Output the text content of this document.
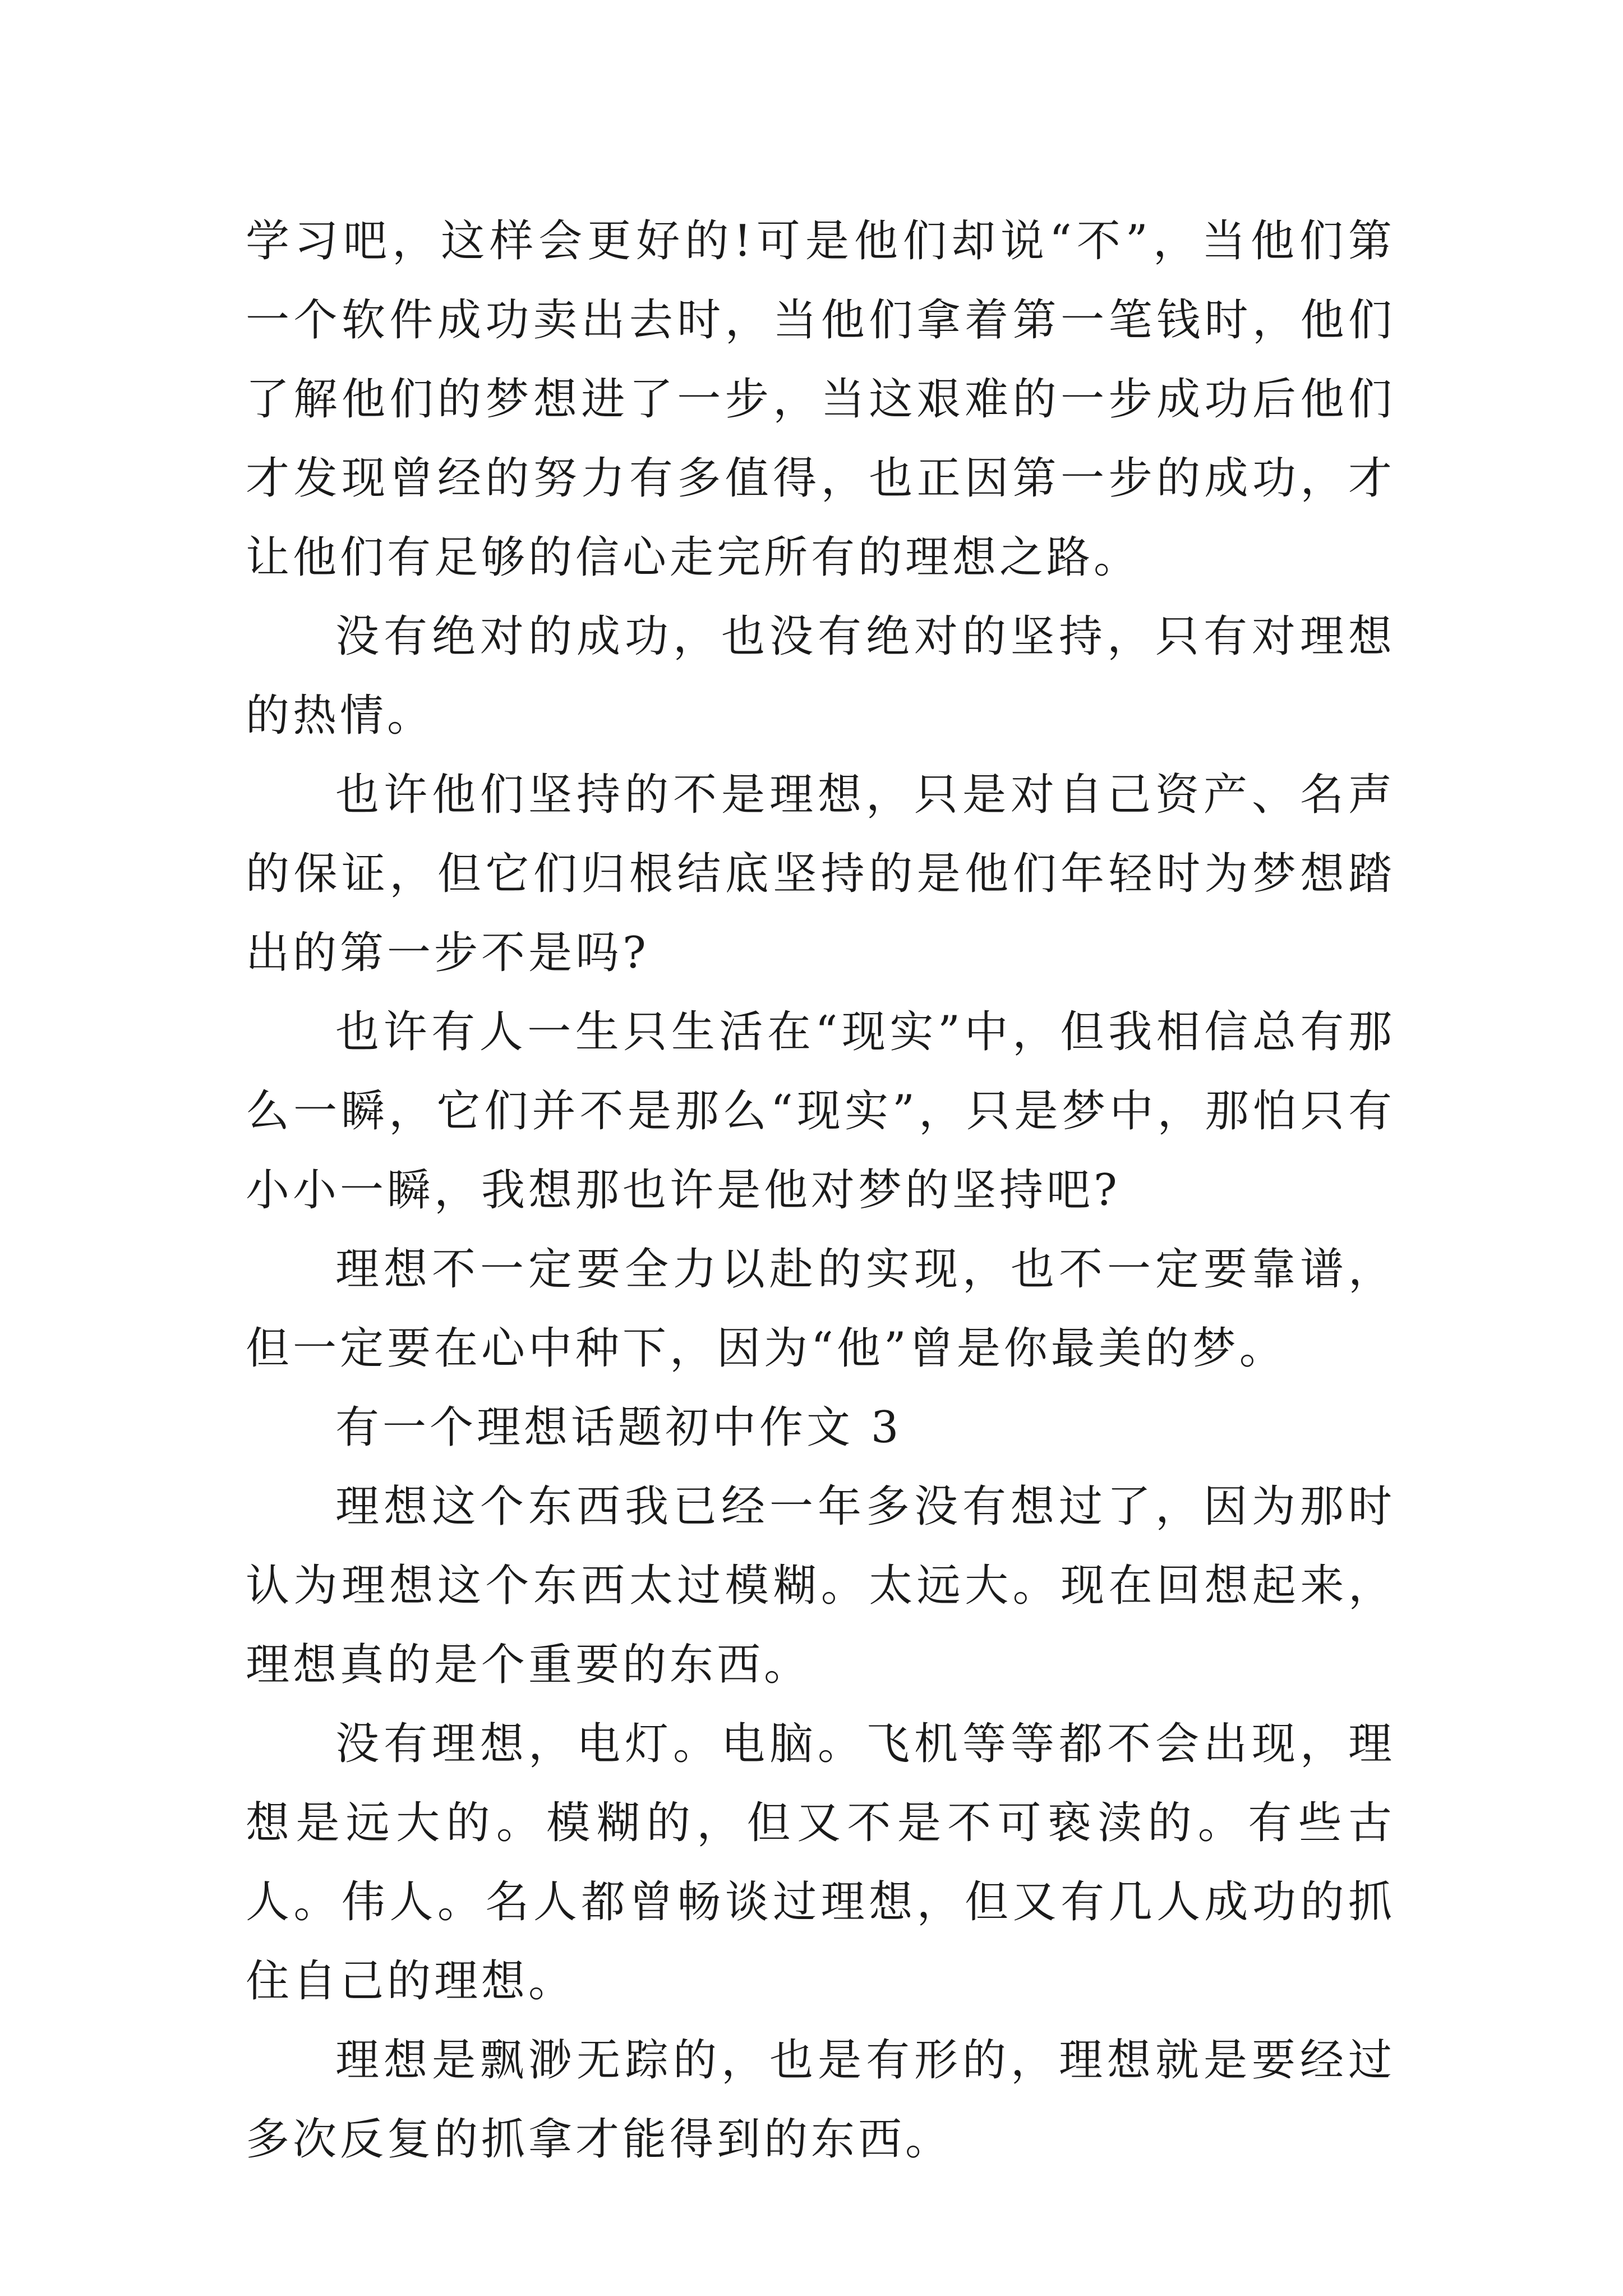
学习吧，这样会更好的!可是他们却说“不”，当他们第一个软件成功卖出去时，当他们拿着第一笔钱时，他们了解他们的梦想进了一步，当这艰难的一步成功后他们才发现曾经的努力有多值得，也正因第一步的成功，才让他们有足够的信心走完所有的理想之路。

没有绝对的成功，也没有绝对的坚持，只有对理想的热情。

也许他们坚持的不是理想，只是对自己资产、名声的保证，但它们归根结底坚持的是他们年轻时为梦想踏出的第一步不是吗?

也许有人一生只生活在“现实”中，但我相信总有那么一瞬，它们并不是那么“现实”，只是梦中，那怕只有小小一瞬，我想那也许是他对梦的坚持吧?

理想不一定要全力以赴的实现，也不一定要靠谱，但一定要在心中种下，因为“他”曾是你最美的梦。

有一个理想话题初中作文 3

理想这个东西我已经一年多没有想过了，因为那时认为理想这个东西太过模糊。太远大。现在回想起来，理想真的是个重要的东西。

没有理想，电灯。电脑。飞机等等都不会出现，理想是远大的。模糊的，但又不是不可亵渎的。有些古人。伟人。名人都曾畅谈过理想，但又有几人成功的抓住自己的理想。

理想是飘渺无踪的，也是有形的，理想就是要经过多次反复的抓拿才能得到的东西。
